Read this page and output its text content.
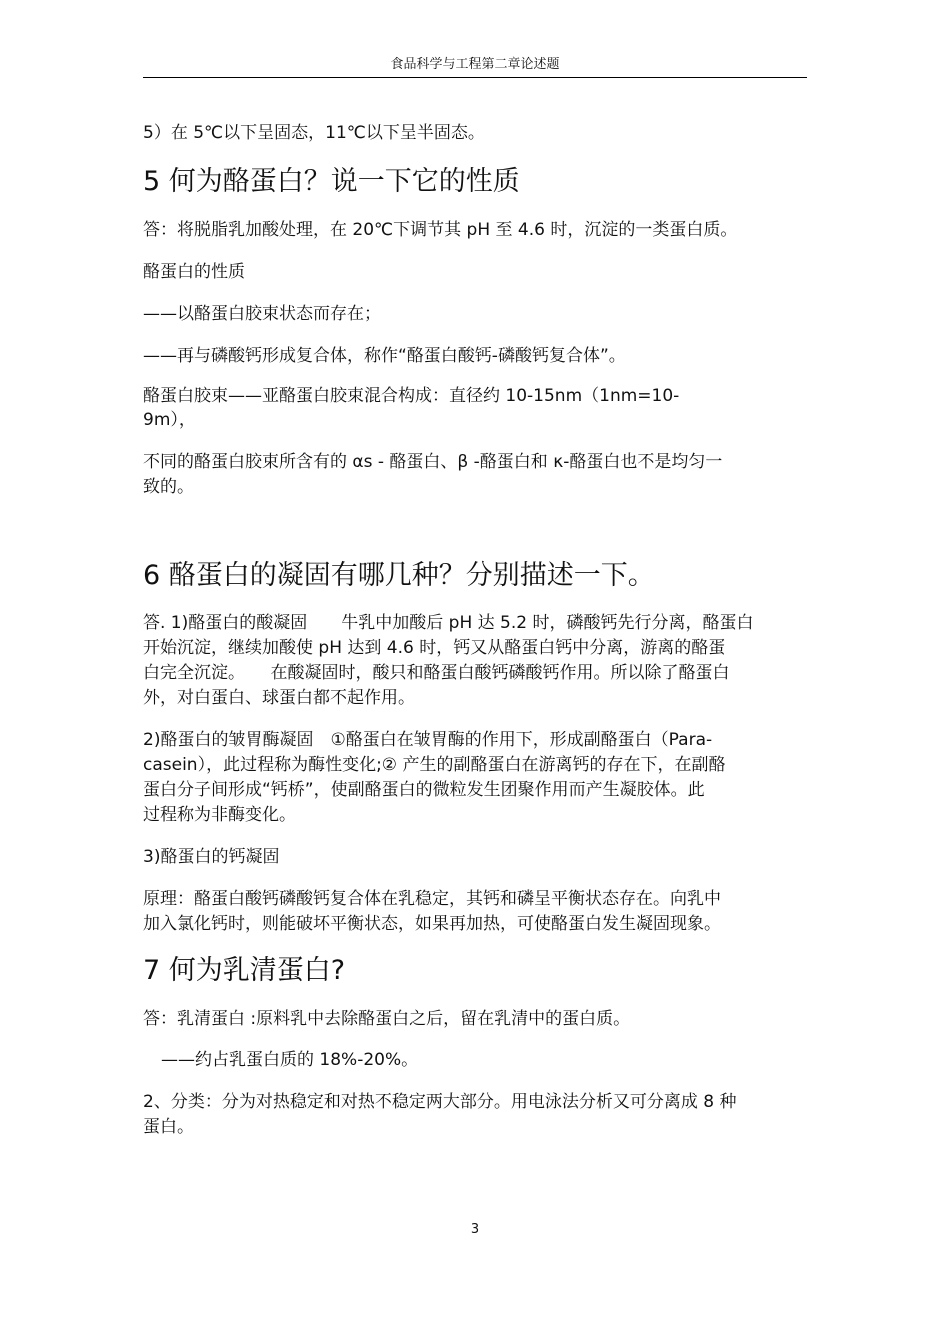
食品科学与工程第二章论述题
5）在 5℃以下呈固态，11℃以下呈半固态。
5 何为酪蛋白？说一下它的性质
答：将脱脂乳加酸处理，在 20℃下调节其 pH 至 4.6 时，沉淀的一类蛋白质。
酪蛋白的性质
——以酪蛋白胶束状态而存在；
——再与磷酸钙形成复合体，称作“酪蛋白酸钙-磷酸钙复合体”。
酪蛋白胶束——亚酪蛋白胶束混合构成：直径约 10-15nm（1nm=10-
9m），
不同的酪蛋白胶束所含有的 αs - 酪蛋白、β -酪蛋白和 κ-酪蛋白也不是均匀一
致的。
6 酪蛋白的凝固有哪几种？分别描述一下。
答. 1)酪蛋白的酸凝固　　牛乳中加酸后 pH 达 5.2 时，磷酸钙先行分离，酪蛋白
开始沉淀，继续加酸使 pH 达到 4.6 时，钙又从酪蛋白钙中分离，游离的酪蛋
白完全沉淀。　　在酸凝固时，酸只和酪蛋白酸钙磷酸钙作用。所以除了酪蛋白
外，对白蛋白、球蛋白都不起作用。
2)酪蛋白的皱胃酶凝固　①酪蛋白在皱胃酶的作用下，形成副酪蛋白（Para-
casein），此过程称为酶性变化;② 产生的副酪蛋白在游离钙的存在下，在副酪
蛋白分子间形成“钙桥”，使副酪蛋白的微粒发生团聚作用而产生凝胶体。此
过程称为非酶变化。
3)酪蛋白的钙凝固
原理：酪蛋白酸钙磷酸钙复合体在乳稳定，其钙和磷呈平衡状态存在。向乳中
加入氯化钙时，则能破坏平衡状态，如果再加热，可使酪蛋白发生凝固现象。
7 何为乳清蛋白?
答：乳清蛋白 :原料乳中去除酪蛋白之后，留在乳清中的蛋白质。
——约占乳蛋白质的 18%-20%。
2、分类：分为对热稳定和对热不稳定两大部分。用电泳法分析又可分离成 8 种
蛋白。
3
